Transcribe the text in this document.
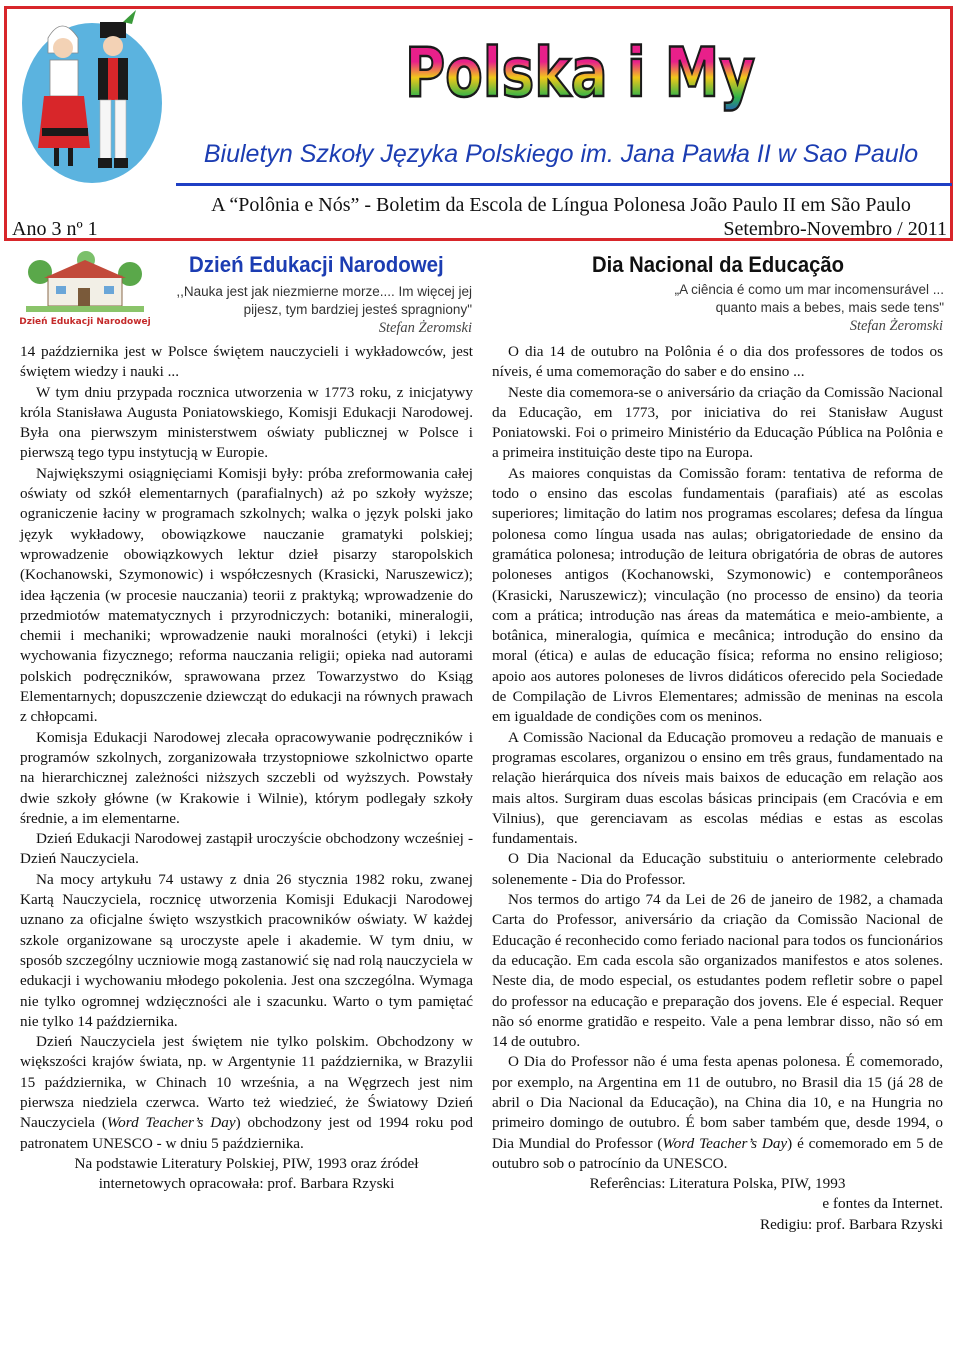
Polska i My
Biuletyn Szkoły Języka Polskiego im. Jana Pawła II w Sao Paulo
A “Polônia e Nós” - Boletim da Escola de Língua Polonesa João Paulo II em São Paulo
Ano 3 nº 1	Setembro-Novembro / 2011
Dzień Edukacji Narodowej
Dzień Edukacji Narodowej	Dia Nacional da Educação
,,Nauka jest jak niezmierne morze.... Im więcej jej
pijesz, tym bardziej jesteś spragniony"
Stefan Żeromski
„A ciência é como um mar incomensurável ...
quanto mais a bebes, mais sede tens"
Stefan Żeromski

14 października jest w Polsce świętem nauczycieli i wykładowców, jest świętem wiedzy i nauki ...

W tym dniu przypada rocznica utworzenia w 1773 roku, z inicjatywy króla Stanisława Augusta Poniatowskiego, Komisji Edukacji Narodowej. Była ona pierwszym ministerstwem oświaty publicznej w Polsce i pierwszą tego typu instytucją w Europie.

Największymi osiągnięciami Komisji były: próba zreformowania całej oświaty od szkół elementarnych (parafialnych) aż po szkoły wyższe; ograniczenie łaciny w programach szkolnych; walka o język polski jako język wykładowy, obowiązkowe nauczanie gramatyki polskiej; wprowadzenie obowiązkowych lektur dzieł pisarzy staropolskich (Kochanowski, Szymonowic) i współczesnych (Krasicki, Naruszewicz); idea łączenia (w procesie nauczania) teorii z praktyką; wprowadzenie do przedmiotów matematycznych i przyrodniczych: botaniki, mineralogii, chemii i mechaniki; wprowadzenie nauki moralności (etyki) i lekcji wychowania fizycznego; reforma nauczania religii; opieka nad autorami polskich podręczników, sprawowana przez Towarzystwo do Ksiąg Elementarnych; dopuszczenie dziewcząt do edukacji na równych prawach z chłopcami.

Komisja Edukacji Narodowej zlecała opracowywanie podręczników i programów szkolnych, zorganizowała trzystopniowe szkolnictwo oparte na hierarchicznej zależności niższych szczebli od wyższych. Powstały dwie szkoły główne (w Krakowie i Wilnie), którym podlegały szkoły średnie, a im elementarne.

Dzień Edukacji Narodowej zastąpił uroczyście obchodzony wcześniej - Dzień Nauczyciela.

Na mocy artykułu 74 ustawy z dnia 26 stycznia 1982 roku, zwanej Kartą Nauczyciela, rocznicę utworzenia Komisji Edukacji Narodowej uznano za oficjalne święto wszystkich pracowników oświaty. W każdej szkole organizowane są uroczyste apele i akademie. W tym dniu, w sposób szczególny uczniowie mogą zastanowić się nad rolą nauczyciela w edukacji i wychowaniu młodego pokolenia. Jest ona szczególna. Wymaga nie tylko ogromnej wdzięczności ale i szacunku. Warto o tym pamiętać nie tylko 14 października.

Dzień Nauczyciela jest świętem nie tylko polskim. Obchodzony w większości krajów świata, np. w Argentynie 11 października, w Brazylii 15 października, w Chinach 10 września, a na Węgrzech jest nim pierwsza niedziela czerwca. Warto też wiedzieć, że Światowy Dzień Nauczyciela (Word Teacher’s Day) obchodzony jest od 1994 roku pod patronatem UNESCO - w dniu 5 października.

Na podstawie Literatury Polskiej, PIW, 1993 oraz źródeł

internetowych opracowała: prof. Barbara Rzyski

O dia 14 de outubro na Polônia é o dia dos professores de todos os níveis, é uma comemoração do saber e do ensino ...

Neste dia comemora-se o aniversário da criação da Comissão Nacional da Educação, em 1773, por iniciativa do rei Stanisław August Poniatowski. Foi o primeiro Ministério da Educação Pública na Polônia e a primeira instituição deste tipo na Europa.

As maiores conquistas da Comissão foram: tentativa de reforma de todo o ensino das escolas fundamentais (parafiais) até as escolas superiores; limitação do latim nos programas escolares; defesa da língua polonesa como língua usada nas aulas; obrigatoriedade de ensino da gramática polonesa; introdução de leitura obrigatória de obras de autores poloneses antigos (Kochanowski, Szymonowic) e contemporâneos (Krasicki, Naruszewicz); vinculação (no processo de ensino) da teoria com a prática; introdução nas áreas da matemática e meio-ambiente, a botânica, mineralogia, química e mecânica; introdução do ensino da moral (ética) e aulas de educação física; reforma no ensino religioso; apoio aos autores poloneses de livros didáticos oferecido pela Sociedade de Compilação de Livros Elementares; admissão de meninas na escola em igualdade de condições com os meninos.

A Comissão Nacional da Educação promoveu a redação de manuais e programas escolares, organizou o ensino em três graus, fundamentado na relação hierárquica dos níveis mais baixos de educação em relação aos mais altos. Surgiram duas escolas básicas principais (em Cracóvia e em Vilnius), que gerenciavam as escolas médias e estas as escolas fundamentais.

O Dia Nacional da Educação substituiu o anteriormente celebrado solenemente - Dia do Professor.

Nos termos do artigo 74 da Lei de 26 de janeiro de 1982, a chamada Carta do Professor, aniversário da criação da Comissão Nacional de Educação é reconhecido como feriado nacional para todos os funcionários da educação. Em cada escola são organizados manifestos e atos solenes. Neste dia, de modo especial, os estudantes podem refletir sobre o papel do professor na educação e preparação dos jovens. Ele é especial. Requer não só enorme gratidão e respeito. Vale a pena lembrar disso, não só em 14 de outubro.

O Dia do Professor não é uma festa apenas polonesa. É comemorado, por exemplo, na Argentina em 11 de outubro, no Brasil dia 15 (já 28 de abril o Dia Nacional da Educação), na China dia 10, e na Hungria no primeiro domingo de outubro. É bom saber também que, desde 1994, o Dia Mundial do Professor (Word Teacher’s Day) é comemorado em 5 de outubro sob o patrocínio da UNESCO.

Referências: Literatura Polska, PIW, 1993

e fontes da Internet.

Redigiu: prof. Barbara Rzyski
